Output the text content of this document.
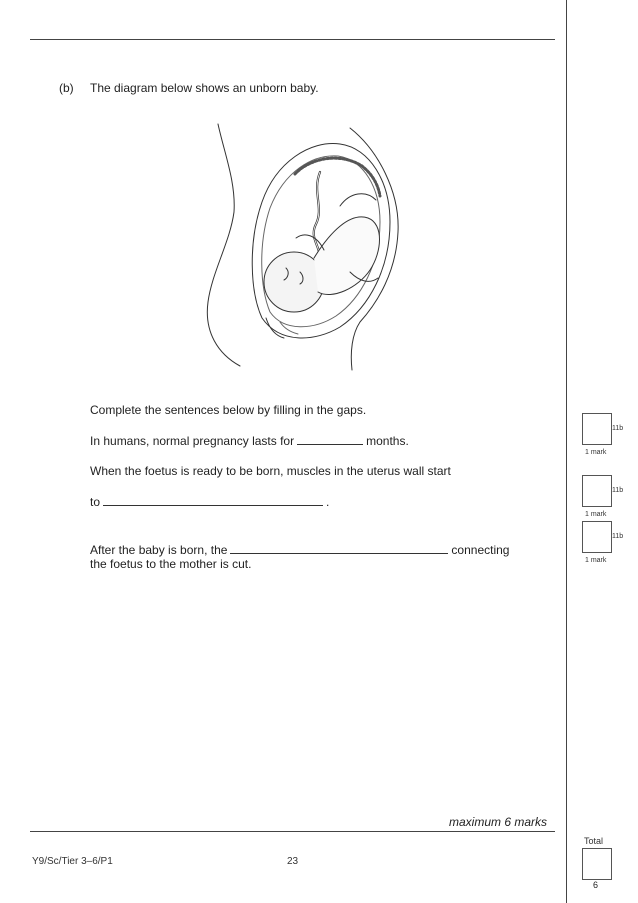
(b) The diagram below shows an unborn baby.
Complete the sentences below by filling in the gaps.
In humans, normal pregnancy lasts for	months.
When the foetus is ready to be born, muscles in the uterus wall start
to	.
After the baby is born, the	connecting
the foetus to the mother is cut.
11b
1 mark
11b
1 mark
11b
1 mark
maximum 6 marks
Total
6
Y9/Sc/Tier 3–6/P1	23
